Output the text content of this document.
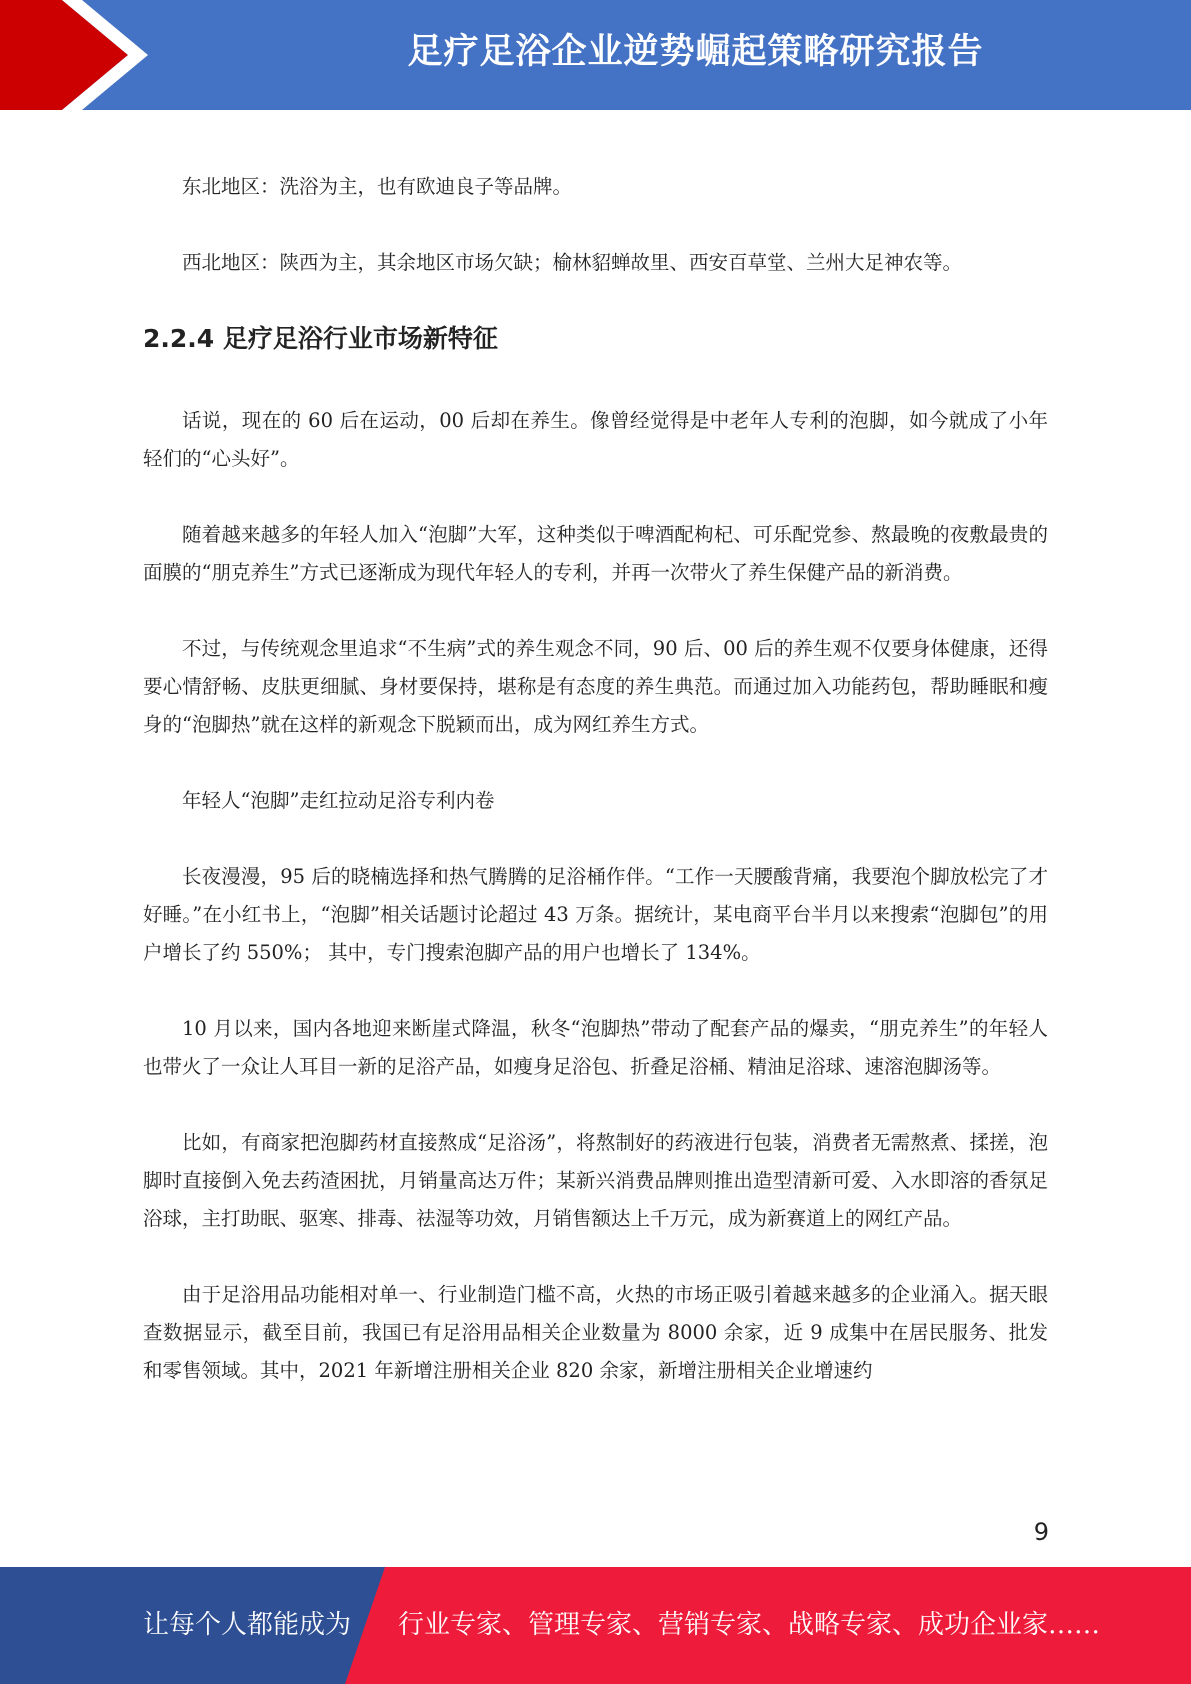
足疗足浴企业逆势崛起策略研究报告

东北地区：洗浴为主，也有欧迪良子等品牌。

西北地区：陕西为主，其余地区市场欠缺；榆林貂蝉故里、西安百草堂、兰州大足神农等。

2.2.4 足疗足浴行业市场新特征

话说，现在的 60 后在运动，00 后却在养生。像曾经觉得是中老年人专利的泡脚，如今就成了小年轻们的“心头好”。

随着越来越多的年轻人加入“泡脚”大军，这种类似于啤酒配枸杞、可乐配党参、熬最晚的夜敷最贵的面膜的“朋克养生”方式已逐渐成为现代年轻人的专利，并再一次带火了养生保健产品的新消费。

不过，与传统观念里追求“不生病”式的养生观念不同，90 后、00 后的养生观不仅要身体健康，还得要心情舒畅、皮肤更细腻、身材要保持，堪称是有态度的养生典范。而通过加入功能药包，帮助睡眠和瘦身的“泡脚热”就在这样的新观念下脱颖而出，成为网红养生方式。

年轻人“泡脚”走红拉动足浴专利内卷

长夜漫漫，95 后的晓楠选择和热气腾腾的足浴桶作伴。“工作一天腰酸背痛，我要泡个脚放松完了才好睡。”在小红书上，“泡脚”相关话题讨论超过 43 万条。据统计，某电商平台半月以来搜索“泡脚包”的用户增长了约 550%； 其中，专门搜索泡脚产品的用户也增长了 134%。

10 月以来，国内各地迎来断崖式降温，秋冬“泡脚热”带动了配套产品的爆卖，“朋克养生”的年轻人也带火了一众让人耳目一新的足浴产品，如瘦身足浴包、折叠足浴桶、精油足浴球、速溶泡脚汤等。

比如，有商家把泡脚药材直接熬成“足浴汤”，将熬制好的药液进行包装，消费者无需熬煮、揉搓，泡脚时直接倒入免去药渣困扰，月销量高达万件；某新兴消费品牌则推出造型清新可爱、入水即溶的香氛足浴球，主打助眠、驱寒、排毒、祛湿等功效，月销售额达上千万元，成为新赛道上的网红产品。

由于足浴用品功能相对单一、行业制造门槛不高，火热的市场正吸引着越来越多的企业涌入。据天眼查数据显示，截至目前，我国已有足浴用品相关企业数量为 8000 余家，近 9 成集中在居民服务、批发和零售领域。其中，2021 年新增注册相关企业 820 余家，新增注册相关企业增速约

9
让每个人都能成为 行业专家、管理专家、营销专家、战略专家、成功企业家……
